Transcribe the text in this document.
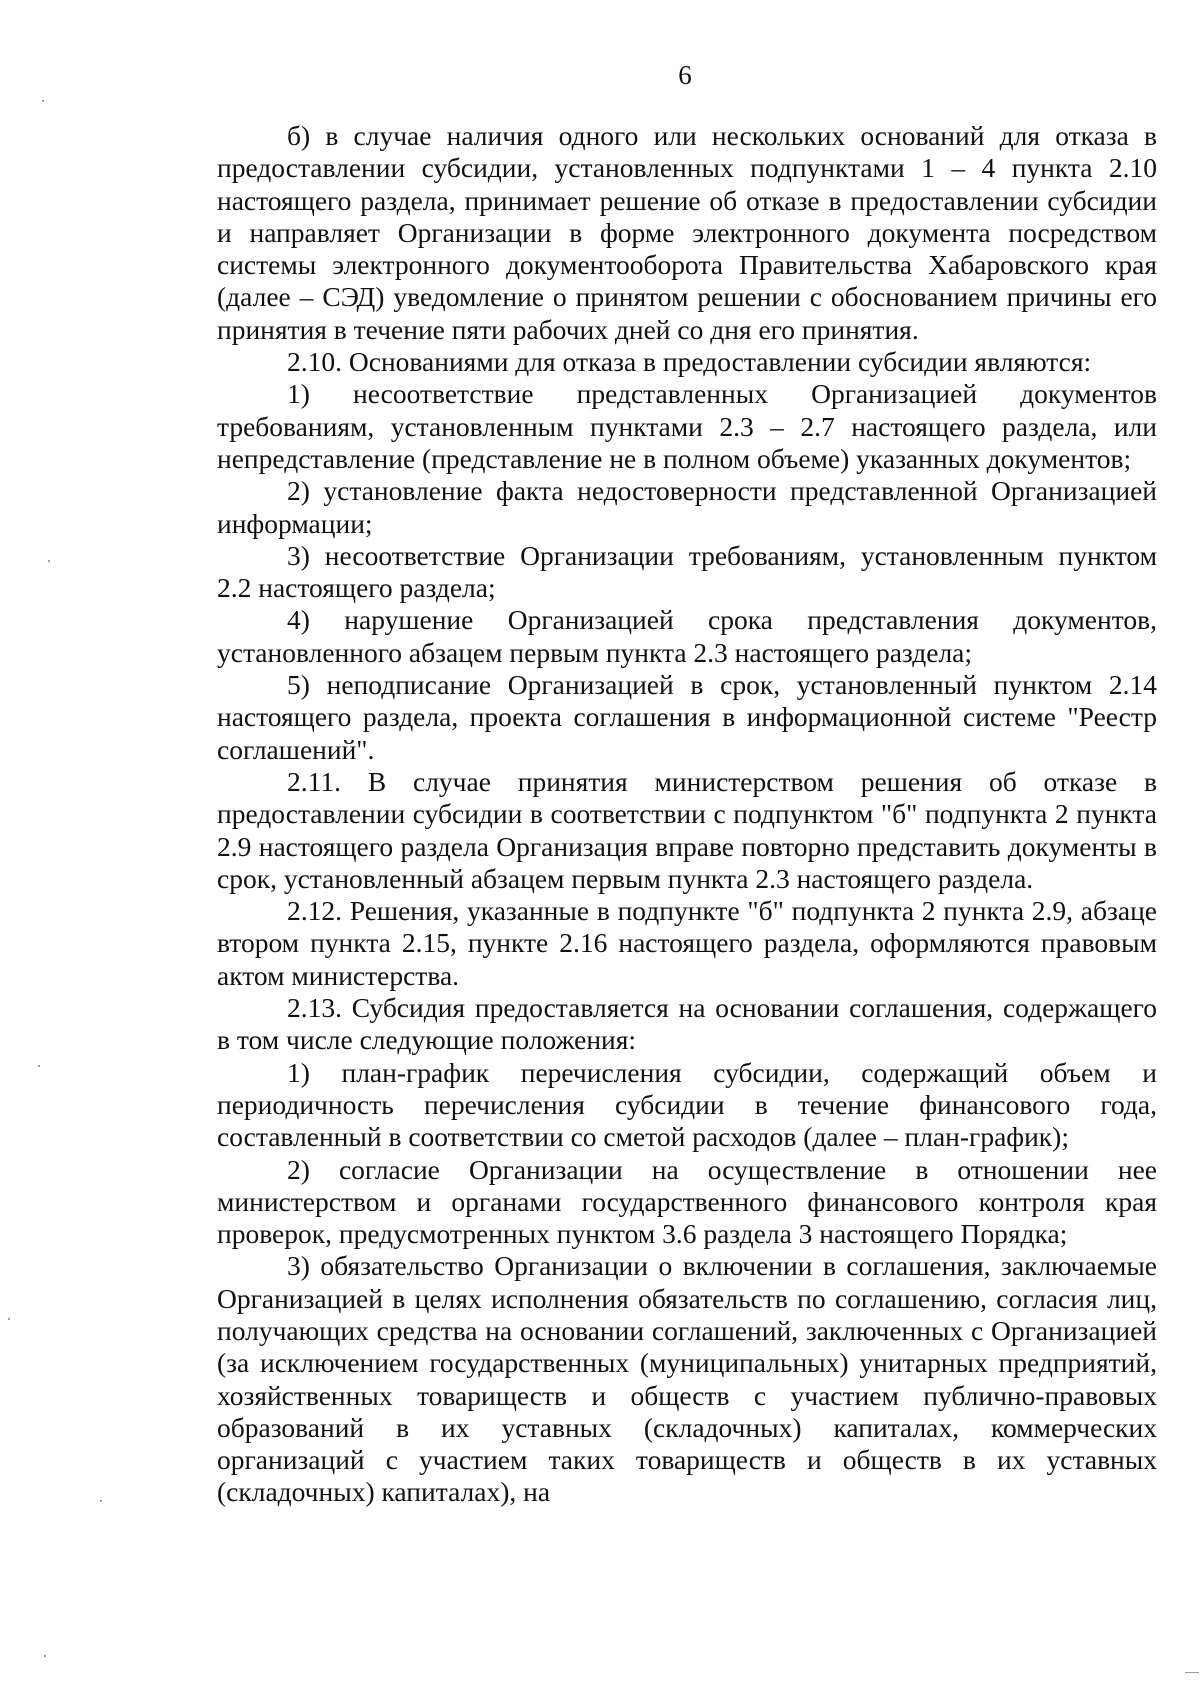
6

б) в случае наличия одного или нескольких оснований для отказа в предоставлении субсидии, установленных подпунктами 1 – 4 пункта 2.10 настоящего раздела, принимает решение об отказе в предоставлении субсидии и направляет Организации в форме электронного документа посредством системы электронного документооборота Правительства Хабаровского края (далее – СЭД) уведомление о принятом решении с обоснованием причины его принятия в течение пяти рабочих дней со дня его принятия.

2.10. Основаниями для отказа в предоставлении субсидии являются:

1) несоответствие представленных Организацией документов требованиям, установленным пунктами 2.3 – 2.7 настоящего раздела, или непредставление (представление не в полном объеме) указанных документов;

2) установление факта недостоверности представленной Организацией информации;

3) несоответствие Организации требованиям, установленным пунктом 2.2 настоящего раздела;

4) нарушение Организацией срока представления документов, установленного абзацем первым пункта 2.3 настоящего раздела;

5) неподписание Организацией в срок, установленный пунктом 2.14 настоящего раздела, проекта соглашения в информационной системе "Реестр соглашений".

2.11. В случае принятия министерством решения об отказе в предоставлении субсидии в соответствии с подпунктом "б" подпункта 2 пункта 2.9 настоящего раздела Организация вправе повторно представить документы в срок, установленный абзацем первым пункта 2.3 настоящего раздела.

2.12. Решения, указанные в подпункте "б" подпункта 2 пункта 2.9, абзаце втором пункта 2.15, пункте 2.16 настоящего раздела, оформляются правовым актом министерства.

2.13. Субсидия предоставляется на основании соглашения, содержащего в том числе следующие положения:

1) план-график перечисления субсидии, содержащий объем и периодичность перечисления субсидии в течение финансового года, составленный в соответствии со сметой расходов (далее – план-график);

2) согласие Организации на осуществление в отношении нее министерством и органами государственного финансового контроля края проверок, предусмотренных пунктом 3.6 раздела 3 настоящего Порядка;

3) обязательство Организации о включении в соглашения, заключаемые Организацией в целях исполнения обязательств по соглашению, согласия лиц, получающих средства на основании соглашений, заключенных с Организацией (за исключением государственных (муниципальных) унитарных предприятий, хозяйственных товариществ и обществ с участием публично-правовых образований в их уставных (складочных) капиталах, коммерческих организаций с участием таких товариществ и обществ в их уставных (складочных) капиталах), на
